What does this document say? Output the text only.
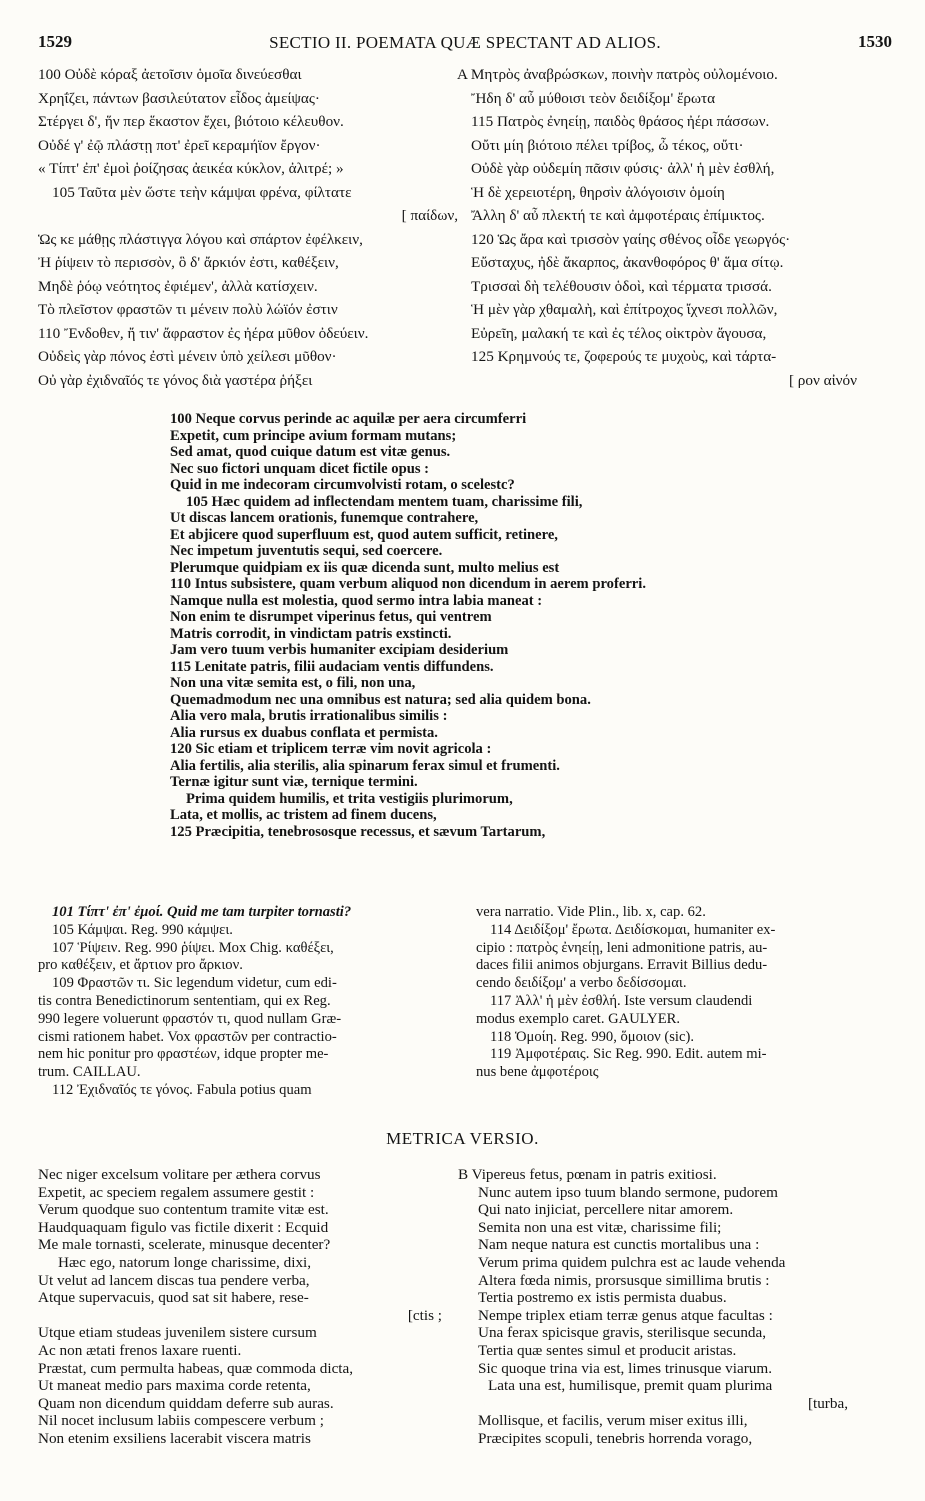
1529	SECTIO II. POEMATA QUÆ SPECTANT AD ALIOS.	1530
100 Οὐδὲ κόραξ ἀετοῖσιν ὁμοῖα δινεύεσθαι
Χρηΐζει, πάντων βασιλεύτατον εἶδος ἀμείψας·
Στέργει δ', ἥν περ ἕκαστον ἔχει, βιότοιο κέλευθον.
Οὐδέ γ' ἐῷ πλάστῃ ποτ' ἐρεῖ κεραμήϊον ἔργον·
« Τίπτ' ἐπ' ἐμοὶ ῥοίζησας ἀεικέα κύκλον, ἀλιτρέ; »
105 Ταῦτα μὲν ὥστε τεὴν κάμψαι φρένα, φίλτατε
[ παίδων,
Ὡς κε μάθῃς πλάστιγγα λόγου καὶ σπάρτον ἐφέλκειν,
Ἠ ῥίψειν τὸ περισσὸν, ὃ δ' ἄρκιόν ἐστι, καθέξειν,
Μηδὲ ῥόῳ νεότητος ἐφιέμεν', ἀλλὰ κατίσχειν.
Τὸ πλεῖστον φραστῶν τι μένειν πολὺ λώϊόν ἐστιν
110 Ἔνδοθεν, ἤ τιν' ἄφραστον ἐς ἠέρα μῦθον ὀδεύειν.
Οὐδεὶς γὰρ πόνος ἐστὶ μένειν ὑπὸ χείλεσι μῦθον·
Οὐ γὰρ ἐχιδναῖός τε γόνος διὰ γαστέρα ῥήξει
A Μητρὸς ἀναβρώσκων, ποινὴν πατρὸς οὐλομένοιο.
Ἤδη δ' αὖ μύθοισι τεὸν δειδίξομ' ἔρωτα
115 Πατρὸς ἐνηείῃ, παιδὸς θράσος ἠέρι πάσσων.
Οὔτι μίη βιότοιο πέλει τρίβος, ὦ τέκος, οὔτι·
Οὐδὲ γὰρ οὐδεμίη πᾶσιν φύσις· ἀλλ' ἡ μὲν ἐσθλή,
Ἡ δὲ χερειοτέρη, θηρσὶν ἀλόγοισιν ὁμοίη
Ἄλλη δ' αὖ πλεκτή τε καὶ ἀμφοτέραις ἐπίμικτος.
120 Ὡς ἄρα καὶ τρισσὸν γαίης σθένος οἶδε γεωργός·
Εὔσταχυς, ἠδὲ ἄκαρπος, ἀκανθοφόρος θ' ἅμα σίτῳ.
Τρισσαὶ δὴ τελέθουσιν ὁδοὶ, καὶ τέρματα τρισσά.
Ἡ μὲν γὰρ χθαμαλὴ, καὶ ἐπίτροχος ἴχνεσι πολλῶν,
Εὐρεῖη, μαλακή τε καὶ ἐς τέλος οἰκτρὸν ἄγουσα,
125 Κρημνούς τε, ζοφερούς τε μυχοὺς, καὶ τάρτα-
[ ρον αἰνόν
100 Neque corvus perinde ac aquilæ per aera circumferri
Expetit, cum principe avium formam mutans;
Sed amat, quod cuique datum est vitæ genus.
Nec suo fictori unquam dicet fictile opus :
Quid in me indecoram circumvolvisti rotam, o scelestc?
105 Hæc quidem ad inflectendam mentem tuam, charissime fili,
Ut discas lancem orationis, funemque contrahere,
Et abjicere quod superfluum est, quod autem sufficit, retinere,
Nec impetum juventutis sequi, sed coercere.
Plerumque quidpiam ex iis quæ dicenda sunt, multo melius est
110 Intus subsistere, quam verbum aliquod non dicendum in aerem proferri.
Namque nulla est molestia, quod sermo intra labia maneat :
Non enim te disrumpet viperinus fetus, qui ventrem
Matris corrodit, in vindictam patris exstincti.
Jam vero tuum verbis humaniter excipiam desiderium
115 Lenitate patris, filii audaciam ventis diffundens.
Non una vitæ semita est, o fili, non una,
Quemadmodum nec una omnibus est natura; sed alia quidem bona.
Alia vero mala, brutis irrationalibus similis :
Alia rursus ex duabus conflata et permista.
120 Sic etiam et triplicem terræ vim novit agricola :
Alia fertilis, alia sterilis, alia spinarum ferax simul et frumenti.
Ternæ igitur sunt viæ, ternique termini.
Prima quidem humilis, et trita vestigiis plurimorum,
Lata, et mollis, ac tristem ad finem ducens,
125 Præcipitia, tenebrososque recessus, et sævum Tartarum,
101 Τίπτ' ἐπ' ἐμοί. Quid me tam turpiter tornasti?
105 Κάμψαι. Reg. 990 κάμψει.
107 Ῥίψειν. Reg. 990 ῥίψει. Mox Chig. καθέξει,
pro καθέξειν, et ἄρτιον pro ἄρκιον.
109 Φραστῶν τι. Sic legendum videtur, cum edi-
tis contra Benedictinorum sententiam, qui ex Reg.
990 legere voluerunt φραστόν τι, quod nullam Græ-
cismi rationem habet. Vox φραστῶν per contractio-
nem hic ponitur pro φραστέων, idque propter me-
trum. CAILLAU.
112 Ἐχιδναῖός τε γόνος. Fabula potius quam
vera narratio. Vide Plin., lib. x, cap. 62.
114 Δειδίξομ' ἔρωτα. Δειδίσκομαι, humaniter ex-
cipio : πατρὸς ἐνηείῃ, leni admonitione patris, au-
daces filii animos objurgans. Erravit Billius dedu-
cendo δειδίξομ' a verbo δεδίσσομαι.
117 Ἀλλ' ἡ μὲν ἐσθλή. Iste versum claudendi
modus exemplo caret. GAULYER.
118 Ὁμοίη. Reg. 990, ὅμοιον (sic).
119 Ἀμφοτέραις. Sic Reg. 990. Edit. autem mi-
nus bene ἀμφοτέροις
METRICA VERSIO.
Nec niger excelsum volitare per æthera corvus
Expetit, ac speciem regalem assumere gestit :
Verum quodque suo contentum tramite vitæ est.
Haudquaquam figulo vas fictile dixerit : Ecquid
Me male tornasti, scelerate, minusque decenter?
Hæc ego, natorum longe charissime, dixi,
Ut velut ad lancem discas tua pendere verba,
Atque supervacuis, quod sat sit habere, rese-
[ctis ;
Utque etiam studeas juvenilem sistere cursum
Ac non ætati frenos laxare ruenti.
Præstat, cum permulta habeas, quæ commoda dicta,
Ut maneat medio pars maxima corde retenta,
Quam non dicendum quiddam deferre sub auras.
Nil nocet inclusum labiis compescere verbum ;
Non etenim exsiliens lacerabit viscera matris
B Vipereus fetus, pœnam in patris exitiosi.
Nunc autem ipso tuum blando sermone, pudorem
Qui nato injiciat, percellere nitar amorem.
Semita non una est vitæ, charissime fili;
Nam neque natura est cunctis mortalibus una :
Verum prima quidem pulchra est ac laude vehenda
Altera fœda nimis, prorsusque simillima brutis :
Tertia postremo ex istis permista duabus.
Nempe triplex etiam terræ genus atque facultas :
Una ferax spicisque gravis, sterilisque secunda,
Tertia quæ sentes simul et producit aristas.
Sic quoque trina via est, limes trinusque viarum.
Lata una est, humilisque, premit quam plurima
[turba,
Mollisque, et facilis, verum miser exitus illi,
Præcipites scopuli, tenebris horrenda vorago,
